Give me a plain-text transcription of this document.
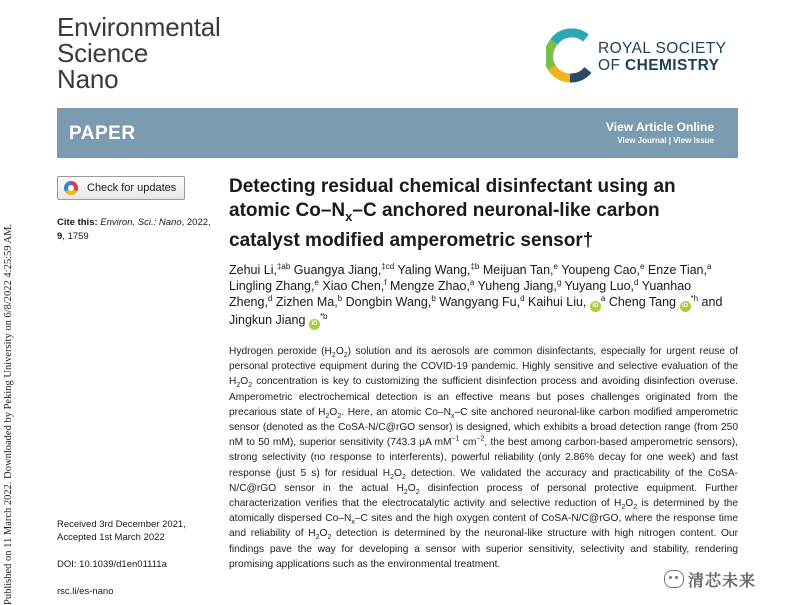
Published on 11 March 2022. Downloaded by Peking University on 6/8/2022 4:25:59 AM.
Environmental
Science
Nano
ROYAL SOCIETY
OF CHEMISTRY
PAPER	View Article Online
View Journal | View Issue
Check for updates
Cite this: Environ. Sci.: Nano, 2022,
9, 1759
Received 3rd December 2021,
Accepted 1st March 2022
DOI: 10.1039/d1en01111a
rsc.li/es-nano
Detecting residual chemical disinfectant using an atomic $Co-N_x-C$ anchored neuronal-like carbon catalyst modified amperometric sensor†
Zehui Li,$^{\ddagger ab}$ Guangya Jiang,$^{\ddagger cd}$ Yaling Wang,$^{\ddagger b}$ Meijuan Tan,$^e$ Youpeng Cao,$^e$ Enze Tian,$^a$ Lingling Zhang,$^e$ Xiao Chen,$^f$ Mengze Zhao,$^a$ Yuheng Jiang,$^g$ Yuyang Luo,$^d$ Yuanhao Zheng,$^d$ Zizhen Ma,$^b$ Dongbin Wang,$^b$ Wangyang Fu,$^d$ Kaihui Liu, $iD^a$ Cheng Tang $iD^{*h}$ and Jingkun Jiang $iD^{*b}$
Hydrogen peroxide $(H_2O_2)$ solution and its aerosols are common disinfectants, especially for urgent reuse of personal protective equipment during the COVID-19 pandemic. Highly sensitive and selective evaluation of the $H_2O_2$ concentration is key to customizing the sufficient disinfection process and avoiding disinfection overuse. Amperometric electrochemical detection is an effective means but poses challenges originated from the precarious state of $H_2O_2$. Here, an atomic $Co-N_x-C$ site anchored neuronal-like carbon modified amperometric sensor (denoted as the CoSA-N/C@rGO sensor) is designed, which exhibits a broad detection range (from 250 nM to 50 mM), superior sensitivity (743.3 μA $mM^{-1}$ $cm^{-2}$, the best among carbon-based amperometric sensors), strong selectivity (no response to interferents), powerful reliability (only 2.86% decay for one week) and fast response (just 5 s) for residual $H_2O_2$ detection. We validated the accuracy and practicability of the CoSA-N/C@rGO sensor in the actual $H_2O_2$ disinfection process of personal protective equipment. Further characterization verifies that the electrocatalytic activity and selective reduction of $H_2O_2$ is determined by the atomically dispersed $Co-N_x-C$ sites and the high oxygen content of CoSA-N/C@rGO, where the response time and reliability of $H_2O_2$ detection is determined by the neuronal-like structure with high nitrogen content. Our findings pave the way for developing a sensor with superior sensitivity, selectivity and stability, rendering promising applications such as the environmental treatment.
清芯未来
